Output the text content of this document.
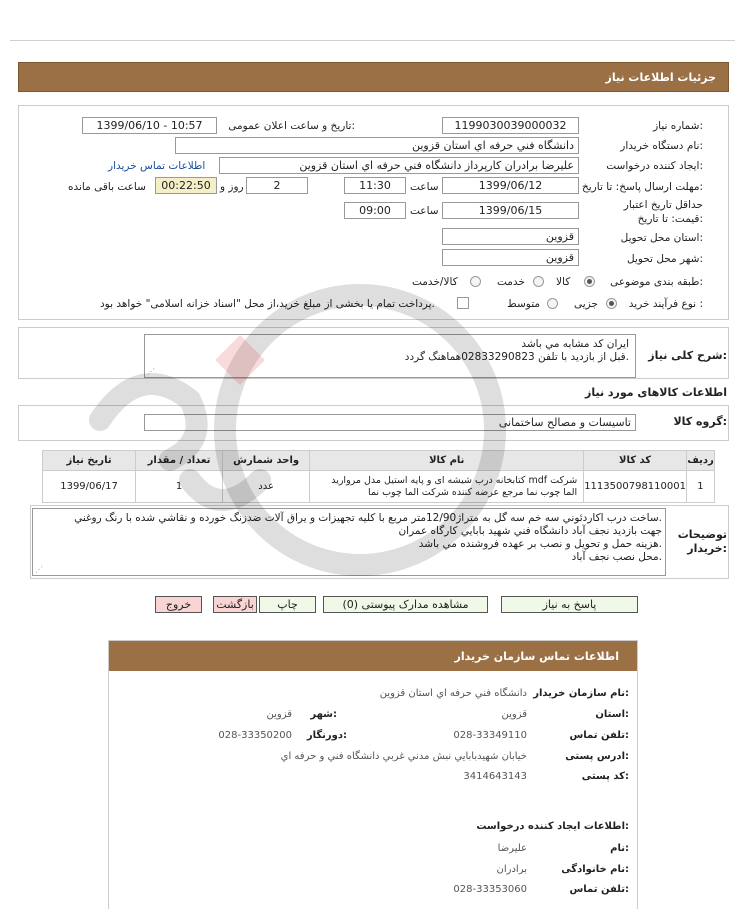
جزئیات اطلاعات نیاز
شماره نیاز:
1199030039000032
تاریخ و ساعت اعلان عمومی:
1399/06/10 - 10:57
نام دستگاه خریدار:
دانشگاه فني حرفه اي استان قزوين
ایجاد کننده درخواست:
عليرضا برادران کارپرداز دانشگاه فني حرفه اي استان قزوين
اطلاعات تماس خریدار
مهلت ارسال پاسخ: تا تاریخ:
1399/06/12
ساعت
11:30
2
روز و
00:22:50
ساعت باقی مانده
حداقل تاریخ اعتبار قیمت: تا تاریخ:
1399/06/15
ساعت
09:00
استان محل تحویل:
قزوين
شهر محل تحویل:
قزوين
طبقه بندی موضوعی:
کالا
خدمت
کالا/خدمت
نوع فرآیند خرید :
جزیی
متوسط
پرداخت تمام یا بخشی از مبلغ خرید،از محل "اسناد خزانه اسلامی" خواهد بود.
شرح کلی نیاز:
ايران کد مشابه مي باشد
قبل از بازديد با تلفن 02833290823هماهنگ گردد.
⋰
اطلاعات کالاهای مورد نیاز
گروه کالا:
تاسیسات و مصالح ساختمانی
تاریخ نیاز	تعداد / مقدار	واحد شمارش	نام کالا	کد کالا	ردیف
1399/06/17	1	عدد	کتابخانه درب شیشه ای و پایه استیل مدل مروارید mdf شرکت
الما چوب نما مرجع عرضه کننده شرکت الما چوب نما	1113500798110001	1
توضیحات خریدار:
ساخت درب اکاردئوني سه خم سه گل به متراژ12/90متر مربع با کليه تجهيزات و يراق آلات ضدزنگ خورده و نقاشي شده با رنگ روغني.
جهت بازديد نجف آباد دانشگاه فني شهيد بابايي کارگاه عمران
هزينه حمل و تحويل و نصب بر عهده فروشنده مي باشد.
محل نصب نجف آباد.
⋰
پاسخ به نیاز
مشاهده مدارک پیوستی (0)
چاپ
بازگشت
خروج
اطلاعات تماس سازمان خریدار
نام سازمان خریدار:
دانشگاه فني حرفه اي استان قزوين
استان:
قزوين
شهر:
قزوين
تلفن تماس:
028-33349110
دورنگار:
028-33350200
ادرس پستی:
خيابان شهيدبابايي نبش مدني غربي دانشگاه فني و حرفه اي
کد پستی:
3414643143
اطلاعات ایجاد کننده درخواست:
نام:
عليرضا
نام خانوادگی:
برادران
تلفن تماس:
028-33353060
